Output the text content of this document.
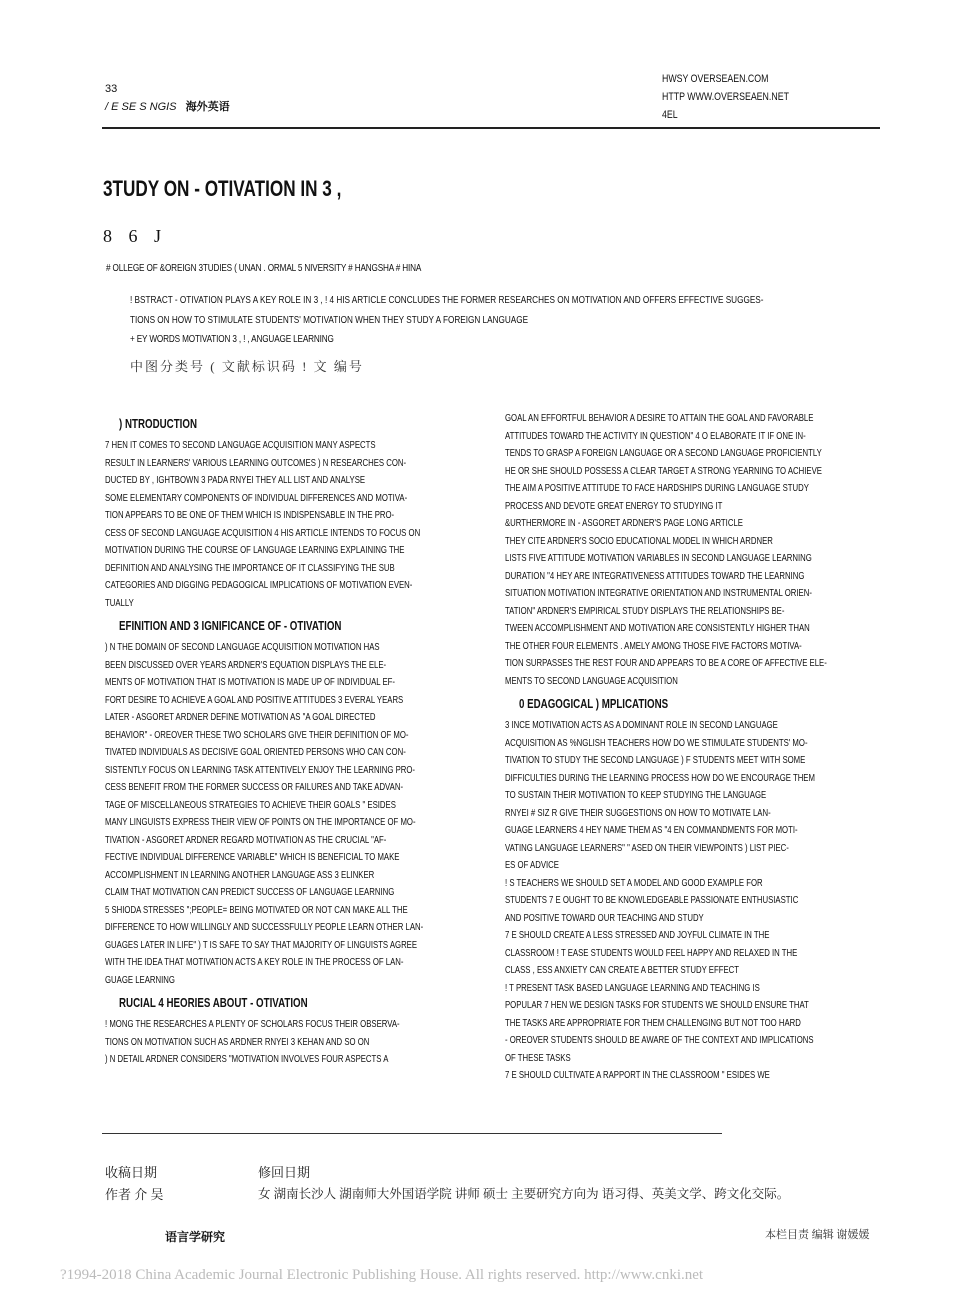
33
/ E SE S NGIS 海外英语
HWSY OVERSEAEN.COM
HTTP WWW.OVERSEAEN.NET
4EL
3TUDY ON - OTIVATION IN 3 ,
8 6 J
# OLLEGE OF &OREIGN 3TUDIES ( UNAN . ORMAL 5 NIVERSITY # HANGSHA # HINA
! BSTRACT - OTIVATION PLAYS A KEY ROLE IN 3 , ! 4 HIS ARTICLE CONCLUDES THE FORMER RESEARCHES ON MOTIVATION AND OFFERS EFFECTIVE SUGGES-
TIONS ON HOW TO STIMULATE STUDENTS' MOTIVATION WHEN THEY STUDY A FOREIGN LANGUAGE
+ EY WORDS MOTIVATION 3 , ! , ANGUAGE LEARNING
中图分类号 ( 文献标识码 ! 文 编号
) NTRODUCTION
7 HEN IT COMES TO SECOND LANGUAGE ACQUISITION MANY ASPECTS
RESULT IN LEARNERS' VARIOUS LEARNING OUTCOMES ) N RESEARCHES CON-
DUCTED BY , IGHTBOWN 3 PADA RNYEI THEY ALL LIST AND ANALYSE
SOME ELEMENTARY COMPONENTS OF INDIVIDUAL DIFFERENCES AND MOTIVA-
TION APPEARS TO BE ONE OF THEM WHICH IS INDISPENSABLE IN THE PRO-
CESS OF SECOND LANGUAGE ACQUISITION 4 HIS ARTICLE INTENDS TO FOCUS ON
MOTIVATION DURING THE COURSE OF LANGUAGE LEARNING EXPLAINING THE
DEFINITION AND ANALYSING THE IMPORTANCE OF IT CLASSIFYING THE SUB
CATEGORIES AND DIGGING PEDAGOGICAL IMPLICATIONS OF MOTIVATION EVEN-
TUALLY
EFINITION AND 3 IGNIFICANCE OF - OTIVATION
) N THE DOMAIN OF SECOND LANGUAGE ACQUISITION MOTIVATION HAS
BEEN DISCUSSED OVER YEARS ARDNER'S EQUATION DISPLAYS THE ELE-
MENTS OF MOTIVATION THAT IS MOTIVATION IS MADE UP OF INDIVIDUAL EF-
FORT DESIRE TO ACHIEVE A GOAL AND POSITIVE ATTITUDES 3 EVERAL YEARS
LATER - ASGORET ARDNER DEFINE MOTIVATION AS "A GOAL DIRECTED
BEHAVIOR" - OREOVER THESE TWO SCHOLARS GIVE THEIR DEFINITION OF MO-
TIVATED INDIVIDUALS AS DECISIVE GOAL ORIENTED PERSONS WHO CAN CON-
SISTENTLY FOCUS ON LEARNING TASK ATTENTIVELY ENJOY THE LEARNING PRO-
CESS BENEFIT FROM THE FORMER SUCCESS OR FAILURES AND TAKE ADVAN-
TAGE OF MISCELLANEOUS STRATEGIES TO ACHIEVE THEIR GOALS " ESIDES
MANY LINGUISTS EXPRESS THEIR VIEW OF POINTS ON THE IMPORTANCE OF MO-
TIVATION - ASGORET ARDNER REGARD MOTIVATION AS THE CRUCIAL "AF-
FECTIVE INDIVIDUAL DIFFERENCE VARIABLE" WHICH IS BENEFICIAL TO MAKE
ACCOMPLISHMENT IN LEARNING ANOTHER LANGUAGE ASS 3 ELINKER
CLAIM THAT MOTIVATION CAN PREDICT SUCCESS OF LANGUAGE LEARNING
5 SHIODA STRESSES ";PEOPLE= BEING MOTIVATED OR NOT CAN MAKE ALL THE
DIFFERENCE TO HOW WILLINGLY AND SUCCESSFULLY PEOPLE LEARN OTHER LAN-
GUAGES LATER IN LIFE" ) T IS SAFE TO SAY THAT MAJORITY OF LINGUISTS AGREE
WITH THE IDEA THAT MOTIVATION ACTS A KEY ROLE IN THE PROCESS OF LAN-
GUAGE LEARNING
RUCIAL 4 HEORIES ABOUT - OTIVATION
! MONG THE RESEARCHES A PLENTY OF SCHOLARS FOCUS THEIR OBSERVA-
TIONS ON MOTIVATION SUCH AS ARDNER RNYEI 3 KEHAN AND SO ON
) N DETAIL ARDNER CONSIDERS "MOTIVATION INVOLVES FOUR ASPECTS A
GOAL AN EFFORTFUL BEHAVIOR A DESIRE TO ATTAIN THE GOAL AND FAVORABLE
ATTITUDES TOWARD THE ACTIVITY IN QUESTION" 4 O ELABORATE IT IF ONE IN-
TENDS TO GRASP A FOREIGN LANGUAGE OR A SECOND LANGUAGE PROFICIENTLY
HE OR SHE SHOULD POSSESS A CLEAR TARGET A STRONG YEARNING TO ACHIEVE
THE AIM A POSITIVE ATTITUDE TO FACE HARDSHIPS DURING LANGUAGE STUDY
PROCESS AND DEVOTE GREAT ENERGY TO STUDYING IT
&URTHERMORE IN - ASGORET ARDNER'S PAGE LONG ARTICLE
THEY CITE ARDNER'S SOCIO EDUCATIONAL MODEL IN WHICH ARDNER
LISTS FIVE ATTITUDE MOTIVATION VARIABLES IN SECOND LANGUAGE LEARNING
DURATION "4 HEY ARE INTEGRATIVENESS ATTITUDES TOWARD THE LEARNING
SITUATION MOTIVATION INTEGRATIVE ORIENTATION AND INSTRUMENTAL ORIEN-
TATION" ARDNER'S EMPIRICAL STUDY DISPLAYS THE RELATIONSHIPS BE-
TWEEN ACCOMPLISHMENT AND MOTIVATION ARE CONSISTENTLY HIGHER THAN
THE OTHER FOUR ELEMENTS . AMELY AMONG THOSE FIVE FACTORS MOTIVA-
TION SURPASSES THE REST FOUR AND APPEARS TO BE A CORE OF AFFECTIVE ELE-
MENTS TO SECOND LANGUAGE ACQUISITION
0 EDAGOGICAL ) MPLICATIONS
3 INCE MOTIVATION ACTS AS A DOMINANT ROLE IN SECOND LANGUAGE
ACQUISITION AS %NGLISH TEACHERS HOW DO WE STIMULATE STUDENTS' MO-
TIVATION TO STUDY THE SECOND LANGUAGE ) F STUDENTS MEET WITH SOME
DIFFICULTIES DURING THE LEARNING PROCESS HOW DO WE ENCOURAGE THEM
TO SUSTAIN THEIR MOTIVATION TO KEEP STUDYING THE LANGUAGE
RNYEI # SIZ R GIVE THEIR SUGGESTIONS ON HOW TO MOTIVATE LAN-
GUAGE LEARNERS 4 HEY NAME THEM AS "4 EN COMMANDMENTS FOR MOTI-
VATING LANGUAGE LEARNERS" " ASED ON THEIR VIEWPOINTS ) LIST PIEC-
ES OF ADVICE
! S TEACHERS WE SHOULD SET A MODEL AND GOOD EXAMPLE FOR
STUDENTS 7 E OUGHT TO BE KNOWLEDGEABLE PASSIONATE ENTHUSIASTIC
AND POSITIVE TOWARD OUR TEACHING AND STUDY
7 E SHOULD CREATE A LESS STRESSED AND JOYFUL CLIMATE IN THE
CLASSROOM ! T EASE STUDENTS WOULD FEEL HAPPY AND RELAXED IN THE
CLASS , ESS ANXIETY CAN CREATE A BETTER STUDY EFFECT
! T PRESENT TASK BASED LANGUAGE LEARNING AND TEACHING IS
POPULAR 7 HEN WE DESIGN TASKS FOR STUDENTS WE SHOULD ENSURE THAT
THE TASKS ARE APPROPRIATE FOR THEM CHALLENGING BUT NOT TOO HARD
- OREOVER STUDENTS SHOULD BE AWARE OF THE CONTEXT AND IMPLICATIONS
OF THESE TASKS
7 E SHOULD CULTIVATE A RAPPORT IN THE CLASSROOM " ESIDES WE
收稿日期	修回日期
作者 介 吴	女 湖南长沙人 湖南师大外国语学院 讲师 硕士 主要研究方向为 语习得、英美文学、跨文化交际。
语言学研究	本栏目责 编辑 谢媛媛
?1994-2018 China Academic Journal Electronic Publishing House. All rights reserved. http://www.cnki.net
